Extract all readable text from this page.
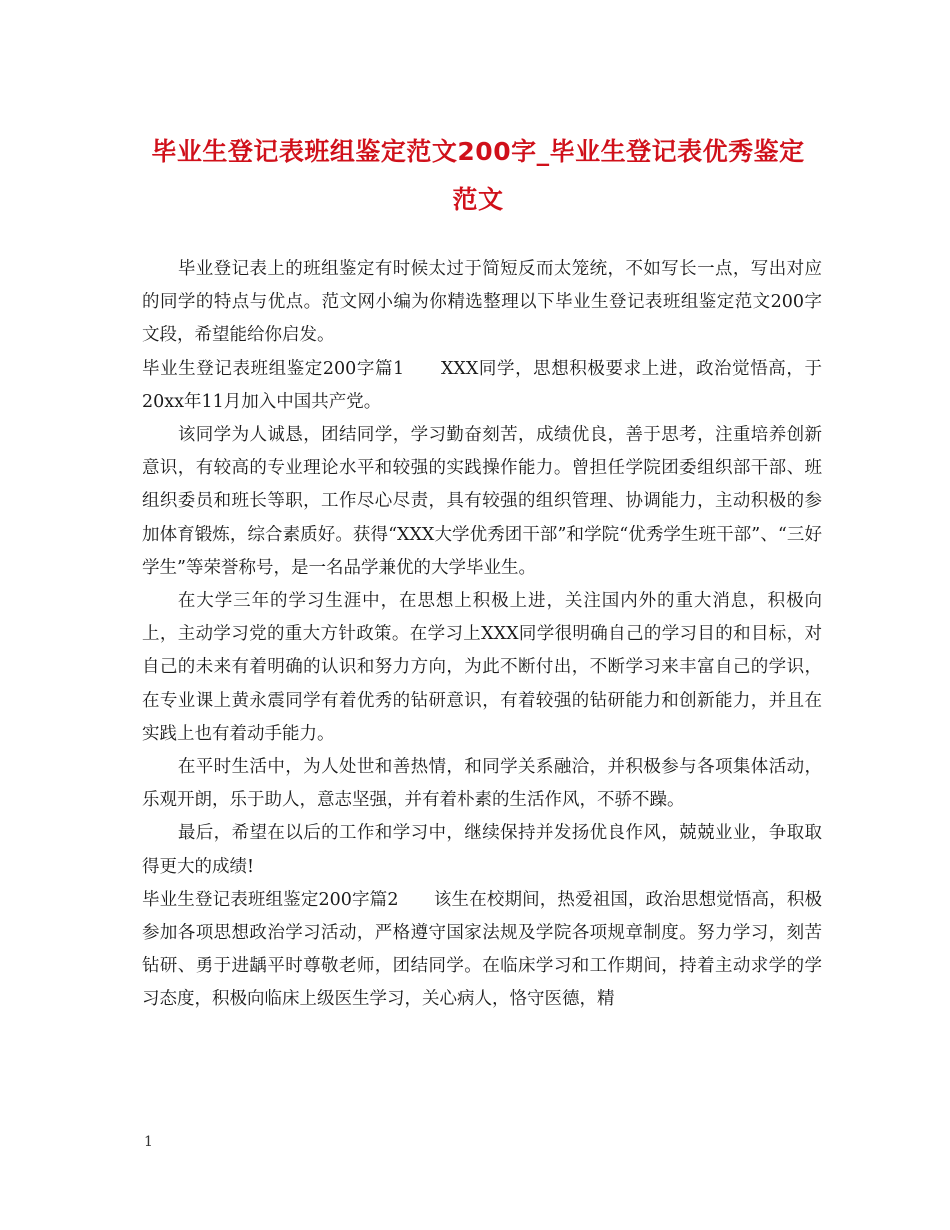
毕业生登记表班组鉴定范文200字_毕业生登记表优秀鉴定范文

毕业登记表上的班组鉴定有时候太过于简短反而太笼统，不如写长一点，写出对应的同学的特点与优点。范文网小编为你精选整理以下毕业生登记表班组鉴定范文200字文段，希望能给你启发。

毕业生登记表班组鉴定200字篇1　　XXX同学，思想积极要求上进，政治觉悟高，于20xx年11月加入中国共产党。

该同学为人诚恳，团结同学，学习勤奋刻苦，成绩优良，善于思考，注重培养创新意识，有较高的专业理论水平和较强的实践操作能力。曾担任学院团委组织部干部、班组织委员和班长等职，工作尽心尽责，具有较强的组织管理、协调能力，主动积极的参加体育锻炼，综合素质好。获得“XXX大学优秀团干部”和学院“优秀学生班干部”、“三好学生”等荣誉称号，是一名品学兼优的大学毕业生。

在大学三年的学习生涯中，在思想上积极上进，关注国内外的重大消息，积极向上，主动学习党的重大方针政策。在学习上XXX同学很明确自己的学习目的和目标，对自己的未来有着明确的认识和努力方向，为此不断付出，不断学习来丰富自己的学识，在专业课上黄永震同学有着优秀的钻研意识，有着较强的钻研能力和创新能力，并且在实践上也有着动手能力。

在平时生活中，为人处世和善热情，和同学关系融洽，并积极参与各项集体活动，乐观开朗，乐于助人，意志坚强，并有着朴素的生活作风，不骄不躁。

最后，希望在以后的工作和学习中，继续保持并发扬优良作风，兢兢业业，争取取得更大的成绩!

毕业生登记表班组鉴定200字篇2　　该生在校期间，热爱祖国，政治思想觉悟高，积极参加各项思想政治学习活动，严格遵守国家法规及学院各项规章制度。努力学习，刻苦钻研、勇于进龋平时尊敬老师，团结同学。在临床学习和工作期间，持着主动求学的学习态度，积极向临床上级医生学习，关心病人，恪守医德，精

1
